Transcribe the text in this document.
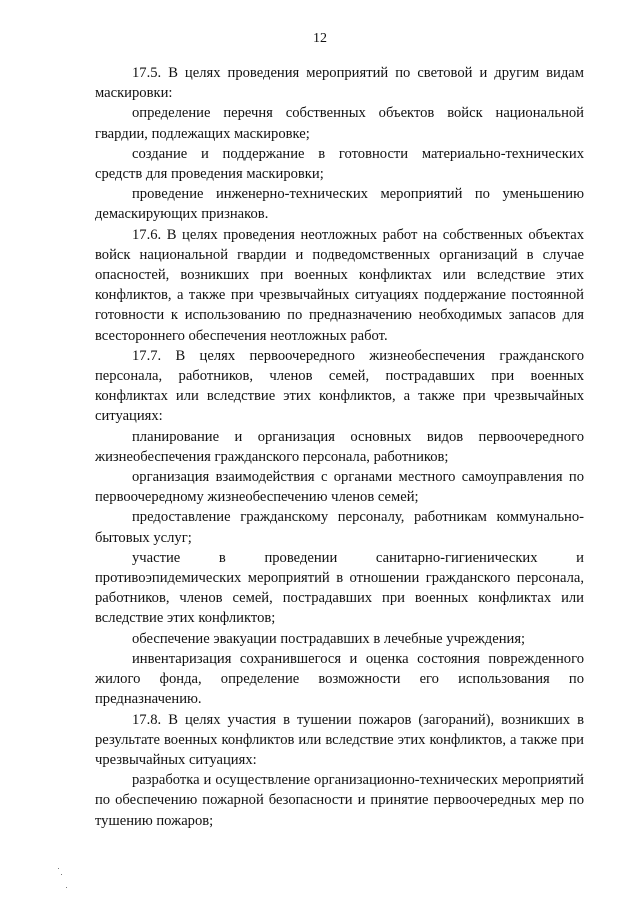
12

17.5. В целях проведения мероприятий по световой и другим видам маскировки:

определение перечня собственных объектов войск национальной гвардии, подлежащих маскировке;

создание и поддержание в готовности материально-технических средств для проведения маскировки;

проведение инженерно-технических мероприятий по уменьшению демаскирующих признаков.

17.6. В целях проведения неотложных работ на собственных объектах войск национальной гвардии и подведомственных организаций в случае опасностей, возникших при военных конфликтах или вследствие этих конфликтов, а также при чрезвычайных ситуациях поддержание постоянной готовности к использованию по предназначению необходимых запасов для всестороннего обеспечения неотложных работ.

17.7. В целях первоочередного жизнеобеспечения гражданского персонала, работников, членов семей, пострадавших при военных конфликтах или вследствие этих конфликтов, а также при чрезвычайных ситуациях:

планирование и организация основных видов первоочередного жизнеобеспечения гражданского персонала, работников;

организация взаимодействия с органами местного самоуправления по первоочередному жизнеобеспечению членов семей;

предоставление гражданскому персоналу, работникам коммунально-бытовых услуг;

участие в проведении санитарно-гигиенических и противоэпидемических мероприятий в отношении гражданского персонала, работников, членов семей, пострадавших при военных конфликтах или вследствие этих конфликтов;

обеспечение эвакуации пострадавших в лечебные учреждения;

инвентаризация сохранившегося и оценка состояния поврежденного жилого фонда, определение возможности его использования по предназначению.

17.8. В целях участия в тушении пожаров (загораний), возникших в результате военных конфликтов или вследствие этих конфликтов, а также при чрезвычайных ситуациях:

разработка и осуществление организационно-технических мероприятий по обеспечению пожарной безопасности и принятие первоочередных мер по тушению пожаров;
